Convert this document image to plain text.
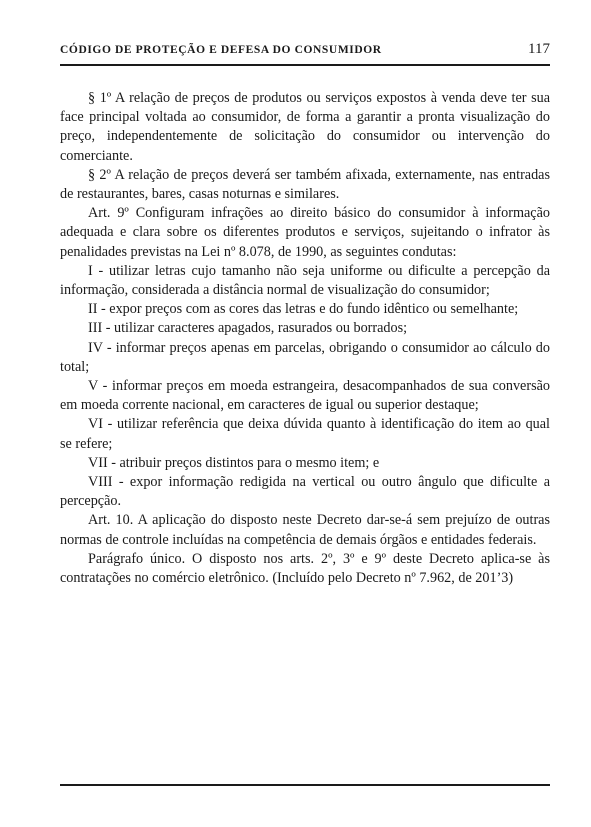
CÓDIGO DE PROTEÇÃO E DEFESA DO CONSUMIDOR	117

§ 1º A relação de preços de produtos ou serviços expostos à venda deve ter sua face principal voltada ao consumidor, de forma a garantir a pronta visualização do preço, independentemente de solicitação do consumidor ou intervenção do comerciante.

§ 2º A relação de preços deverá ser também afixada, externamente, nas entradas de restaurantes, bares, casas noturnas e similares.

Art. 9º Configuram infrações ao direito básico do consumidor à informação adequada e clara sobre os diferentes produtos e serviços, sujeitando o infrator às penalidades previstas na Lei nº 8.078, de 1990, as seguintes condutas:

I - utilizar letras cujo tamanho não seja uniforme ou dificulte a percepção da informação, considerada a distância normal de visualização do consumidor;

II - expor preços com as cores das letras e do fundo idêntico ou semelhante;

III - utilizar caracteres apagados, rasurados ou borrados;

IV - informar preços apenas em parcelas, obrigando o consumidor ao cálculo do total;

V - informar preços em moeda estrangeira, desacompanhados de sua conversão em moeda corrente nacional, em caracteres de igual ou superior destaque;

VI - utilizar referência que deixa dúvida quanto à identificação do item ao qual se refere;

VII - atribuir preços distintos para o mesmo item; e

VIII - expor informação redigida na vertical ou outro ângulo que dificulte a percepção.

Art. 10. A aplicação do disposto neste Decreto dar-se-á sem prejuízo de outras normas de controle incluídas na competência de demais órgãos e entidades federais.

Parágrafo único. O disposto nos arts. 2º, 3º e 9º deste Decreto aplica-se às contratações no comércio eletrônico. (Incluído pelo Decreto nº 7.962, de 201’3)
